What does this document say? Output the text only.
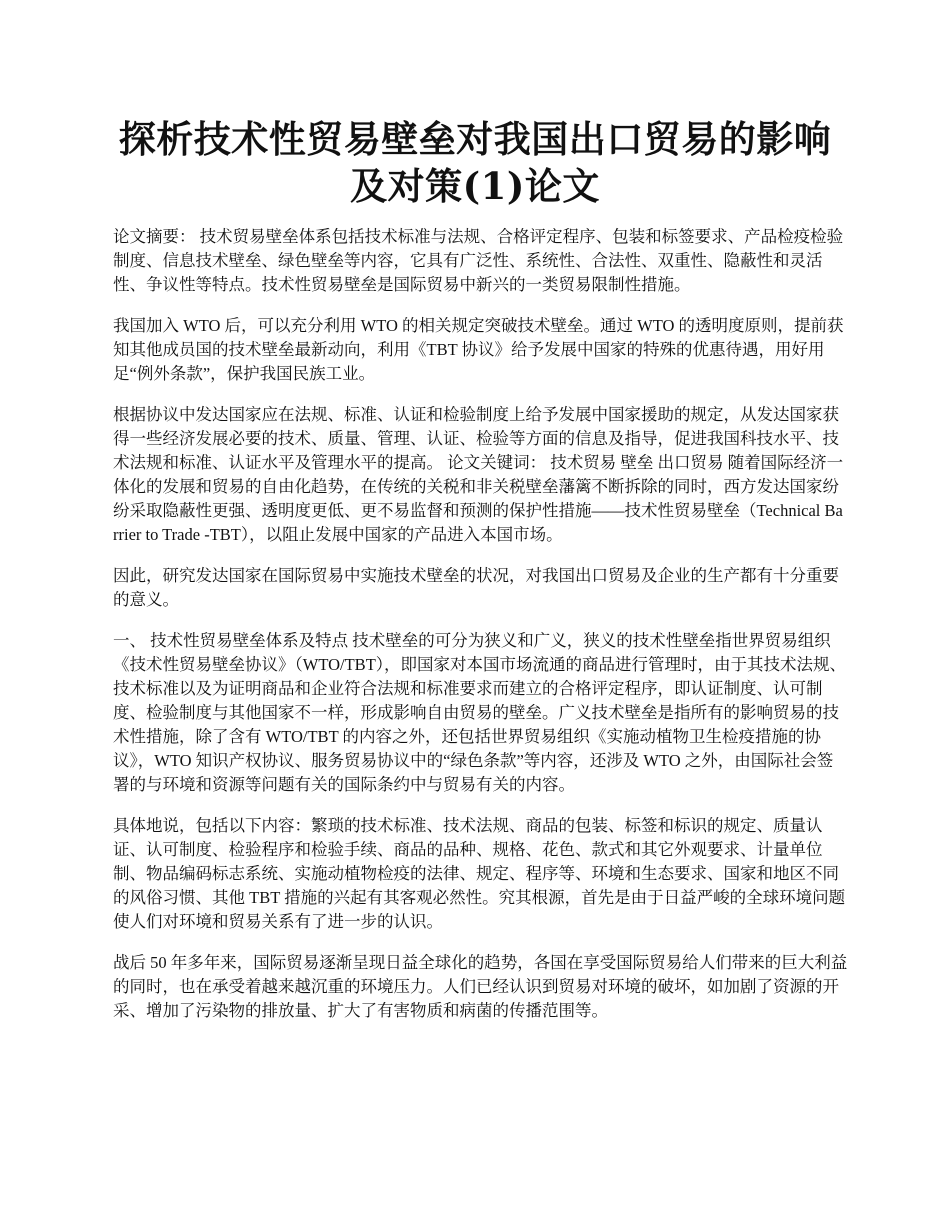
探析技术性贸易壁垒对我国出口贸易的影响
及对策(1)论文

论文摘要： 技术贸易壁垒体系包括技术标准与法规、合格评定程序、包装和标签要求、产品检疫检验制度、信息技术壁垒、绿色壁垒等内容，它具有广泛性、系统性、合法性、双重性、隐蔽性和灵活性、争议性等特点。技术性贸易壁垒是国际贸易中新兴的一类贸易限制性措施。

我国加入 WTO 后，可以充分利用 WTO 的相关规定突破技术壁垒。通过 WTO 的透明度原则，提前获知其他成员国的技术壁垒最新动向，利用《TBT 协议》给予发展中国家的特殊的优惠待遇，用好用足“例外条款”，保护我国民族工业。

根据协议中发达国家应在法规、标准、认证和检验制度上给予发展中国家援助的规定，从发达国家获得一些经济发展必要的技术、质量、管理、认证、检验等方面的信息及指导，促进我国科技水平、技术法规和标准、认证水平及管理水平的提高。 论文关键词： 技术贸易 壁垒 出口贸易 随着国际经济一体化的发展和贸易的自由化趋势，在传统的关税和非关税壁垒藩篱不断拆除的同时，西方发达国家纷纷采取隐蔽性更强、透明度更低、更不易监督和预测的保护性措施——技术性贸易壁垒（Technical Barrier to Trade -TBT），以阻止发展中国家的产品进入本国市场。

因此，研究发达国家在国际贸易中实施技术壁垒的状况，对我国出口贸易及企业的生产都有十分重要的意义。

一、 技术性贸易壁垒体系及特点 技术壁垒的可分为狭义和广义，狭义的技术性壁垒指世界贸易组织《技术性贸易壁垒协议》（WTO/TBT），即国家对本国市场流通的商品进行管理时，由于其技术法规、技术标准以及为证明商品和企业符合法规和标准要求而建立的合格评定程序，即认证制度、认可制度、检验制度与其他国家不一样，形成影响自由贸易的壁垒。广义技术壁垒是指所有的影响贸易的技术性措施，除了含有 WTO/TBT 的内容之外，还包括世界贸易组织《实施动植物卫生检疫措施的协议》，WTO 知识产权协议、服务贸易协议中的“绿色条款”等内容，还涉及 WTO 之外，由国际社会签署的与环境和资源等问题有关的国际条约中与贸易有关的内容。

具体地说，包括以下内容：繁琐的技术标准、技术法规、商品的包装、标签和标识的规定、质量认证、认可制度、检验程序和检验手续、商品的品种、规格、花色、款式和其它外观要求、计量单位制、物品编码标志系统、实施动植物检疫的法律、规定、程序等、环境和生态要求、国家和地区不同的风俗习惯、其他 TBT 措施的兴起有其客观必然性。究其根源，首先是由于日益严峻的全球环境问题使人们对环境和贸易关系有了进一步的认识。

战后 50 年多年来，国际贸易逐渐呈现日益全球化的趋势，各国在享受国际贸易给人们带来的巨大利益的同时，也在承受着越来越沉重的环境压力。人们已经认识到贸易对环境的破坏，如加剧了资源的开采、增加了污染物的排放量、扩大了有害物质和病菌的传播范围等。
